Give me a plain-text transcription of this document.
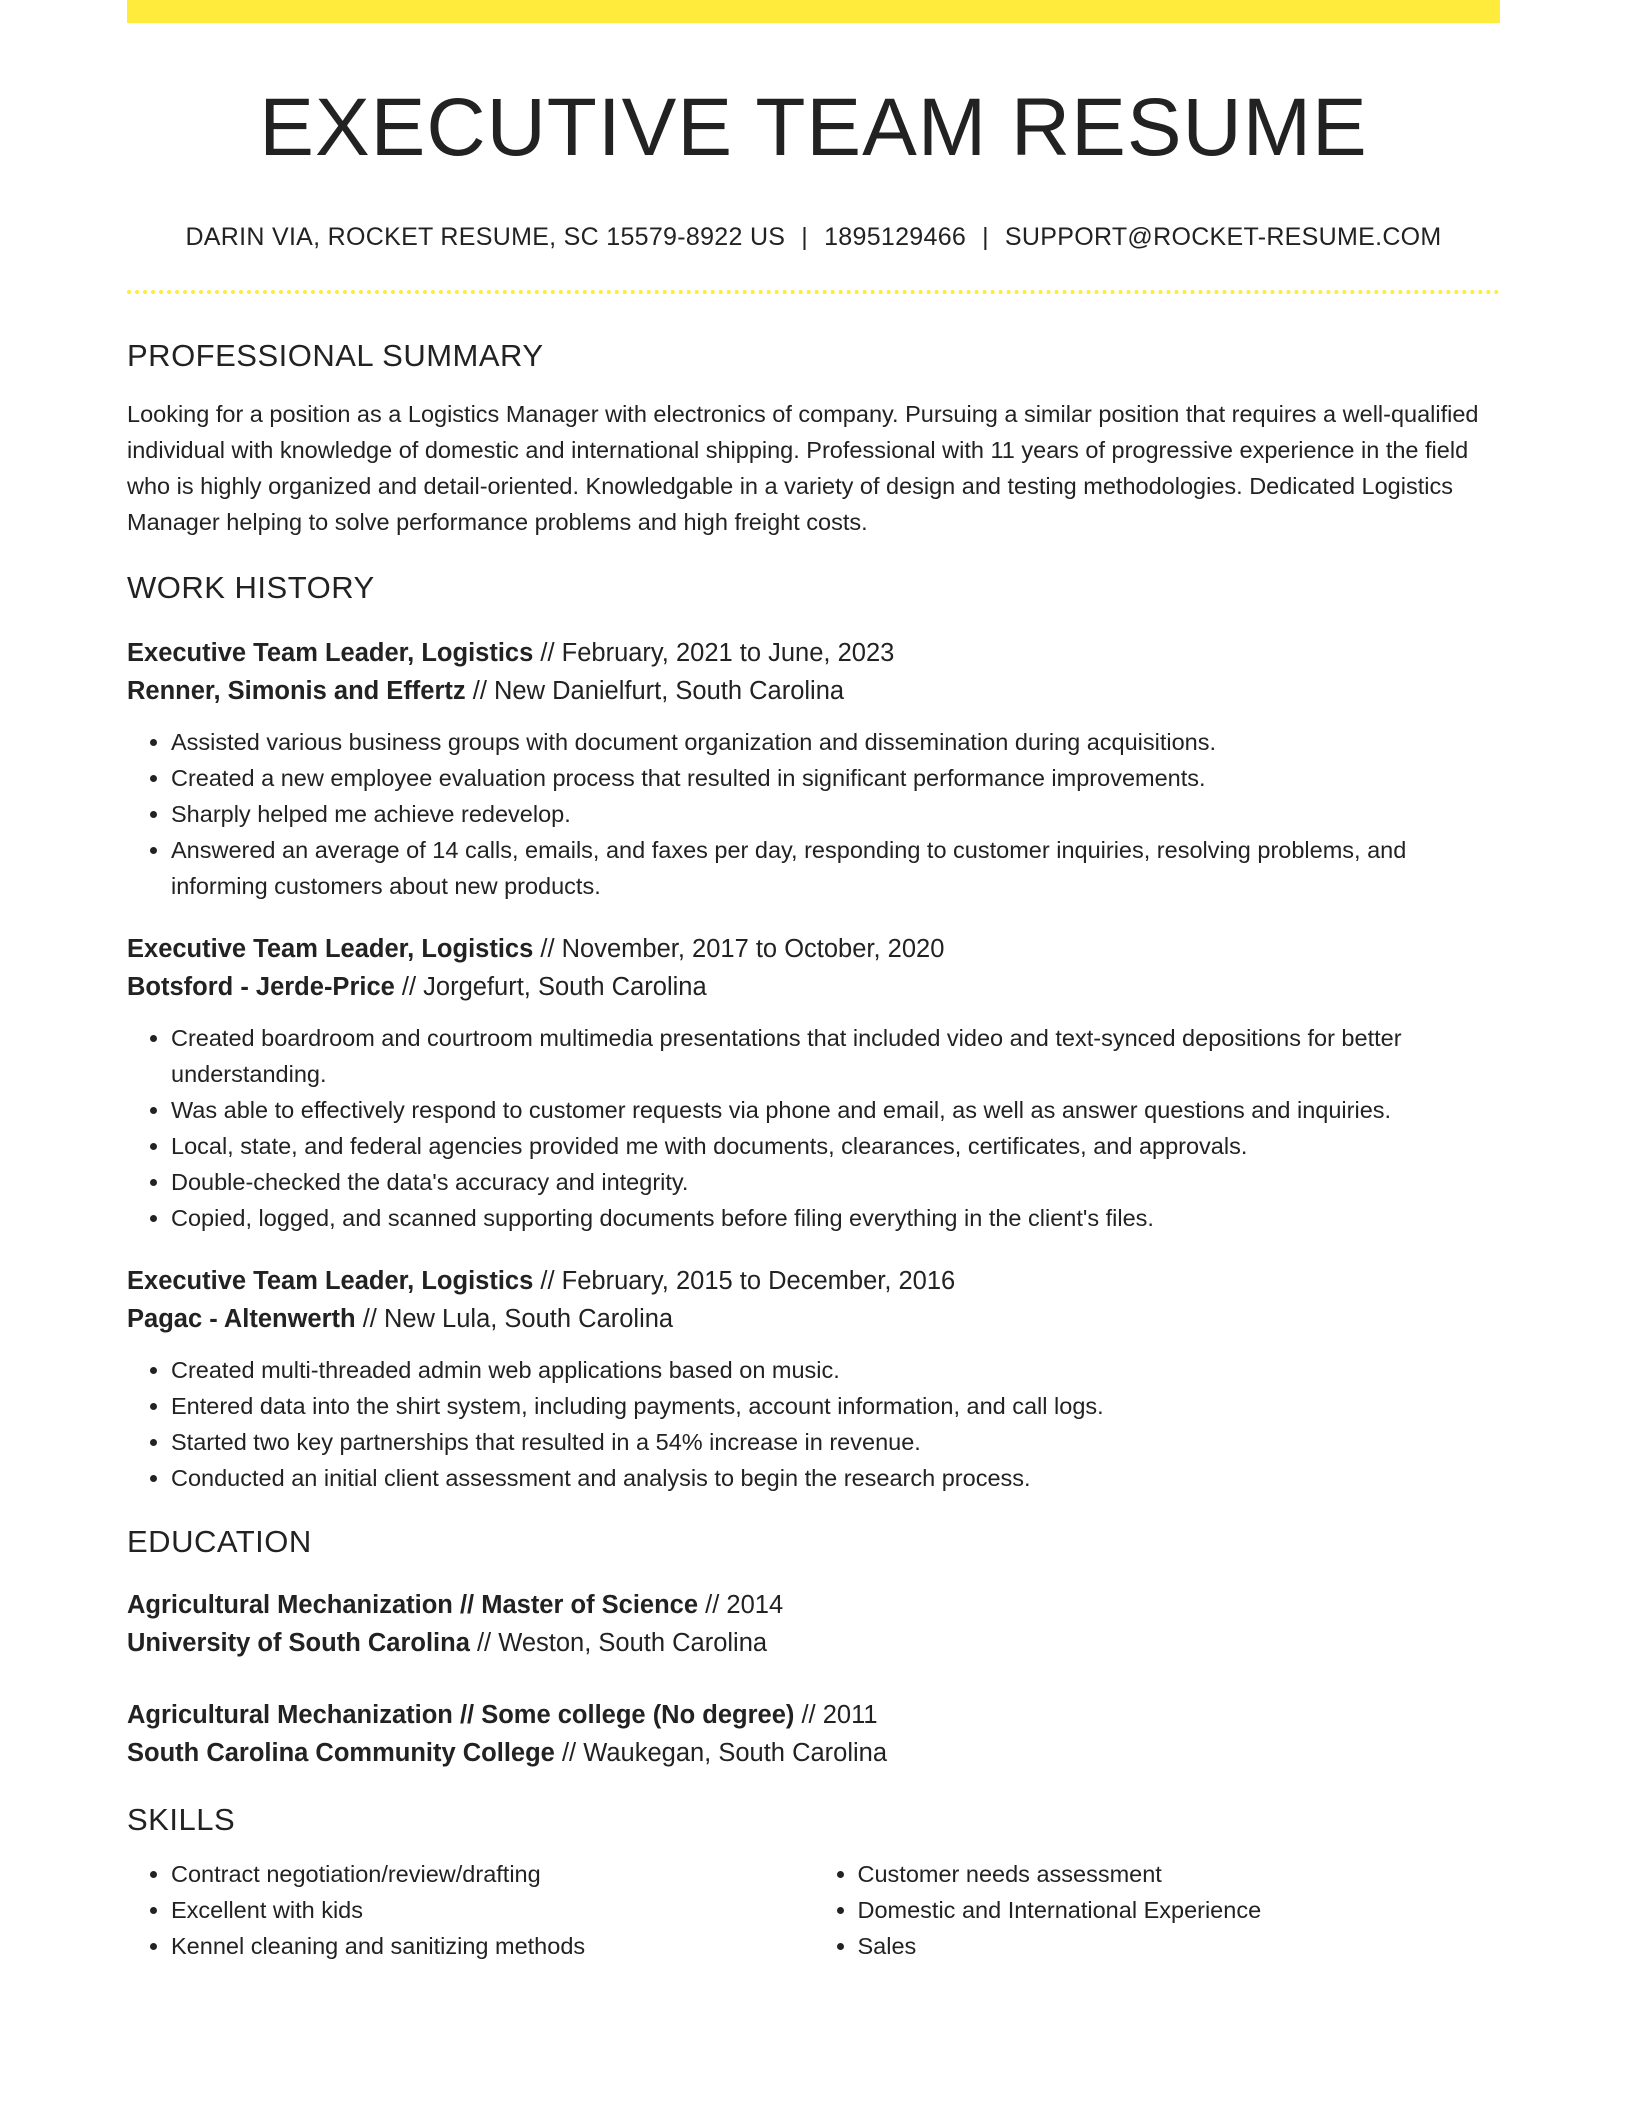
EXECUTIVE TEAM RESUME
DARIN VIA, ROCKET RESUME, SC 15579-8922 US | 1895129466 | SUPPORT@ROCKET-RESUME.COM
PROFESSIONAL SUMMARY

Looking for a position as a Logistics Manager with electronics of company. Pursuing a similar position that requires a well-qualified individual with knowledge of domestic and international shipping. Professional with 11 years of progressive experience in the field who is highly organized and detail-oriented. Knowledgable in a variety of design and testing methodologies. Dedicated Logistics Manager helping to solve performance problems and high freight costs.

WORK HISTORY
Executive Team Leader, Logistics // February, 2021 to June, 2023
Renner, Simonis and Effertz // New Danielfurt, South Carolina
• Assisted various business groups with document organization and dissemination during acquisitions.
• Created a new employee evaluation process that resulted in significant performance improvements.
• Sharply helped me achieve redevelop.
• Answered an average of 14 calls, emails, and faxes per day, responding to customer inquiries, resolving problems, and informing customers about new products.
Executive Team Leader, Logistics // November, 2017 to October, 2020
Botsford - Jerde-Price // Jorgefurt, South Carolina
• Created boardroom and courtroom multimedia presentations that included video and text-synced depositions for better understanding.
• Was able to effectively respond to customer requests via phone and email, as well as answer questions and inquiries.
• Local, state, and federal agencies provided me with documents, clearances, certificates, and approvals.
• Double-checked the data's accuracy and integrity.
• Copied, logged, and scanned supporting documents before filing everything in the client's files.
Executive Team Leader, Logistics // February, 2015 to December, 2016
Pagac - Altenwerth // New Lula, South Carolina
• Created multi-threaded admin web applications based on music.
• Entered data into the shirt system, including payments, account information, and call logs.
• Started two key partnerships that resulted in a 54% increase in revenue.
• Conducted an initial client assessment and analysis to begin the research process.
EDUCATION
Agricultural Mechanization // Master of Science // 2014
University of South Carolina // Weston, South Carolina
Agricultural Mechanization // Some college (No degree) // 2011
South Carolina Community College // Waukegan, South Carolina
SKILLS
• Contract negotiation/review/drafting
• Excellent with kids
• Kennel cleaning and sanitizing methods
• Customer needs assessment
• Domestic and International Experience
• Sales
